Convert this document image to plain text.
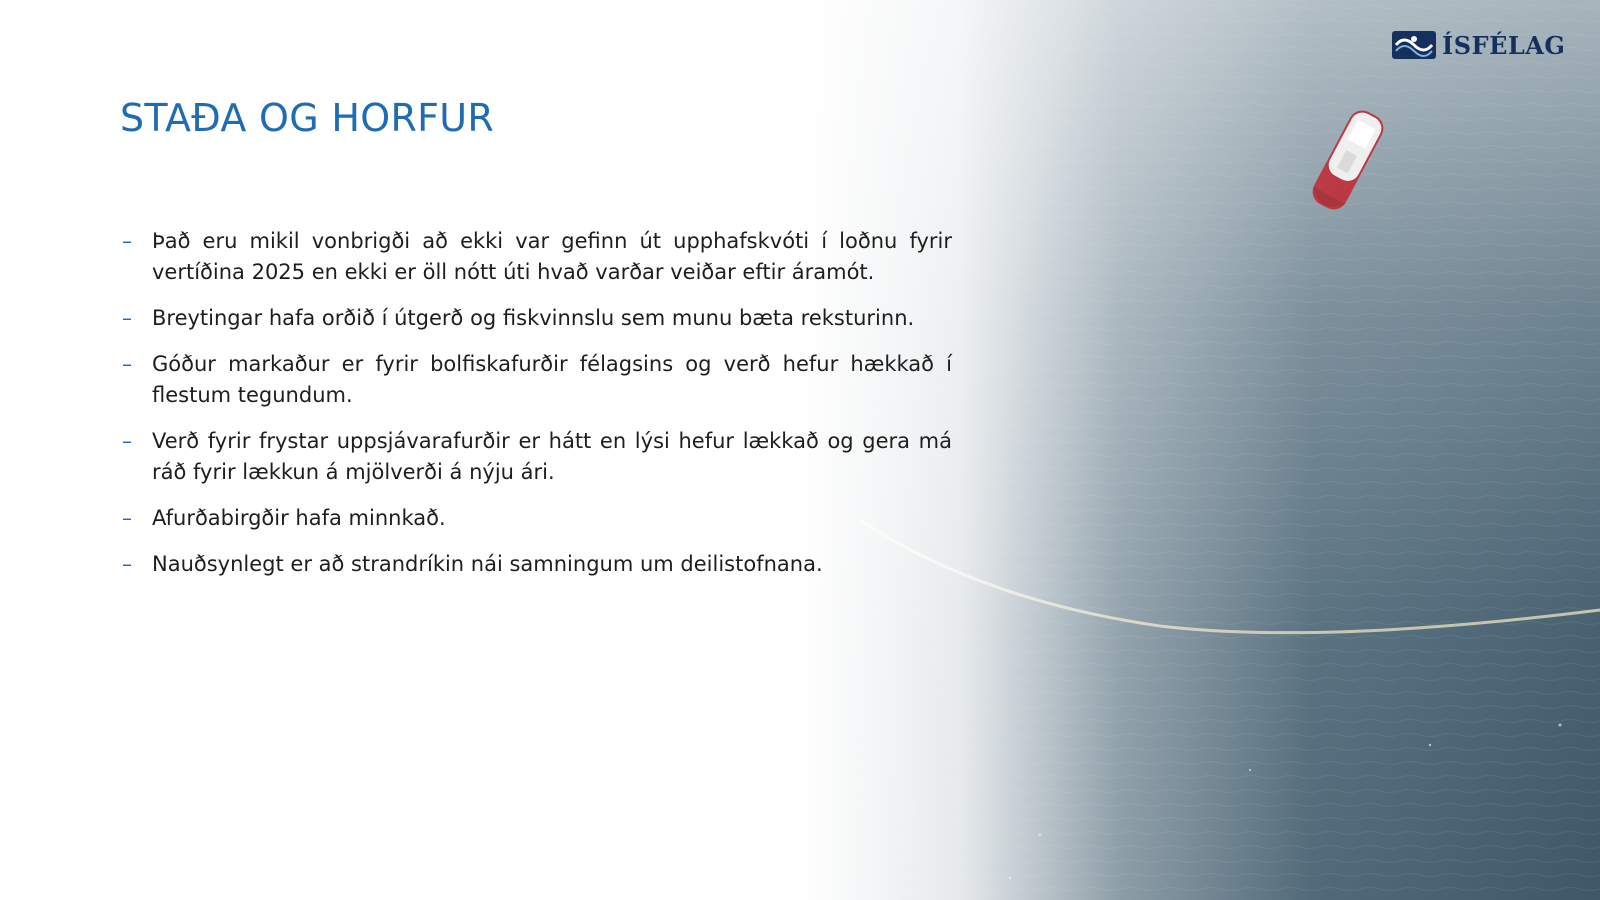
ÍSFÉLAG
STAÐA OG HORFUR
– Það eru mikil vonbrigði að ekki var gefinn út upphafskvóti í loðnu fyrir vertíðina 2025 en ekki er öll nótt úti hvað varðar veiðar eftir áramót.
– Breytingar hafa orðið í útgerð og fiskvinnslu sem munu bæta reksturinn.
– Góður markaður er fyrir bolfiskafurðir félagsins og verð hefur hækkað í flestum tegundum.
– Verð fyrir frystar uppsjávarafurðir er hátt en lýsi hefur lækkað og gera má ráð fyrir lækkun á mjölverði á nýju ári.
– Afurðabirgðir hafa minnkað.
– Nauðsynlegt er að strandríkin nái samningum um deilistofnana.
